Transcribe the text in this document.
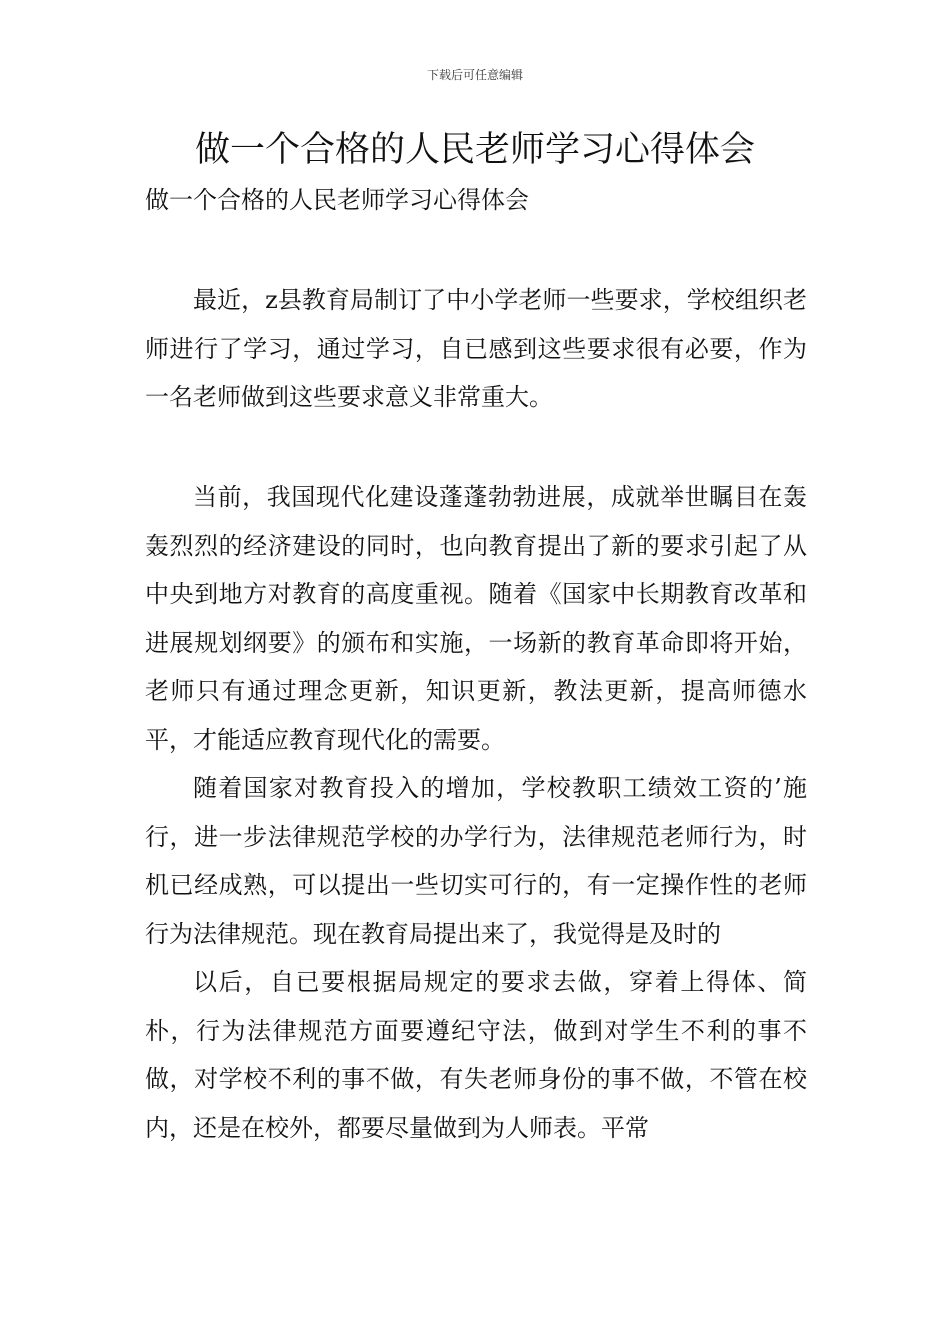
下载后可任意编辑
做一个合格的人民老师学习心得体会
做一个合格的人民老师学习心得体会

最近，z县教育局制订了中小学老师一些要求，学校组织老师进行了学习，通过学习，自已感到这些要求很有必要，作为一名老师做到这些要求意义非常重大。

当前，我国现代化建设蓬蓬勃勃进展，成就举世瞩目在轰轰烈烈的经济建设的同时，也向教育提出了新的要求引起了从中央到地方对教育的高度重视。随着《国家中长期教育改革和进展规划纲要》的颁布和实施，一场新的教育革命即将开始，老师只有通过理念更新，知识更新，教法更新，提高师德水平，才能适应教育现代化的需要。

随着国家对教育投入的增加，学校教职工绩效工资的’施行，进一步法律规范学校的办学行为，法律规范老师行为，时机已经成熟，可以提出一些切实可行的，有一定操作性的老师行为法律规范。现在教育局提出来了，我觉得是及时的

以后，自已要根据局规定的要求去做，穿着上得体、简朴，行为法律规范方面要遵纪守法，做到对学生不利的事不做，对学校不利的事不做，有失老师身份的事不做，不管在校内，还是在校外，都要尽量做到为人师表。平常
